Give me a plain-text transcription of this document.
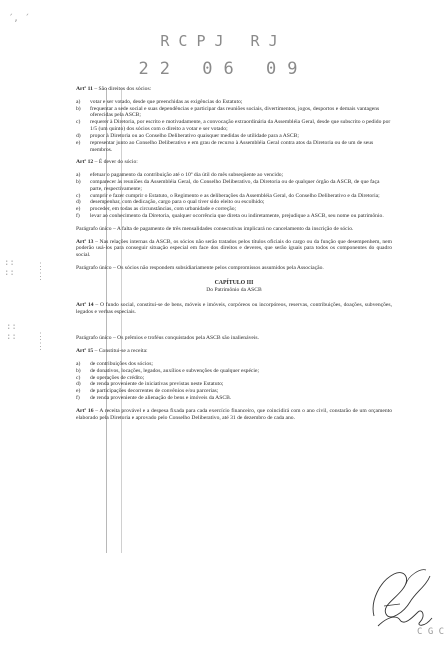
´, ´
RCPJ RJ
22 06 09
::
::
⋮
⋮
::
:: ⋮
⋮

Artº 11 – São direitos dos sócios:

a)	votar e ser votado, desde que preenchidas as exigências do Estatuto;
b)	frequentar a sede social e suas dependências e participar das reuniões sociais, divertimentos, jogos, desportos e demais vantagens oferecidas pela ASCB;
c)	requerer à Diretoria, por escrito e motivadamente, a convocação extraordinária da Assembléia Geral, desde que subscrito o pedido por 1/5 (um quinto) dos sócios com o direito a votar e ser votado;
d)	propor à Diretoria ou ao Conselho Deliberativo quaisquer medidas de utilidade para a ASCB;
e)	representar junto ao Conselho Deliberativo e em grau de recurso à Assembléia Geral contra atos da Diretoria ou de um de seus membros.

Artº 12 – É dever do sócio:

a)	efetuar o pagamento da contribuição até o 10º dia útil do mês subseqüente ao vencido;
b)	comparecer às reuniões da Assembléia Geral, do Conselho Deliberativo, da Diretoria ou de qualquer órgão da ASCB, de que faça parte, respectivamente;
c)	cumprir e fazer cumprir o Estatuto, o Regimento e as deliberações da Assembléia Geral, do Conselho Deliberativo e da Diretoria;
d)	desempenhar, com dedicação, cargo para o qual tiver sido eleito ou escolhido;
e)	proceder, em todas as circunstâncias, com urbanidade e correção;
f)	levar ao conhecimento da Diretoria, qualquer ocorrência que direta ou indiretamente, prejudique a ASCB, seu nome ou patrimônio.

Parágrafo único – A falta de pagamento de três mensalidades consecutivas implicará no cancelamento da inscrição de sócio.

Artº 13 – Nas relações internas da ASCB, os sócios não serão tratados pelos títulos oficiais do cargo ou da função que desempenhem, nem poderão usá-los para conseguir situação especial em face dos direitos e deveres, que serão iguais para todos os componentes do quadro social.

Parágrafo único – Os sócios não respondem subsidiariamente pelos compromissos assumidos pela Associação.

CAPÍTULO III

Do Patrimônio da ASCB

Artº 14 – O fundo social, constituí-se de bens, móveis e imóveis, corpóreos ou incorpóreos, reservas, contribuições, doações, subvenções, legados e verbas especiais.

Parágrafo único – Os prêmios e troféus conquistados pela ASCB são inalienáveis.

Artº 15 – Constitui-se a receita:

a)	de contribuições dos sócios;
b)	de donativos, locações, legados, auxílios e subvenções de qualquer espécie;
c)	de operações de crédito;
d)	de renda proveniente de iniciativas previstas neste Estatuto;
e)	de participações decorrentes de convênios e/ou parcerias;
f)	de renda proveniente de alienação de bens e imóveis da ASCB.

Artº 16 – A receita provável e a despesa fixada para cada exercício financeiro, que coincidirá com o ano civil, constarão de um orçamento elaborado pela Diretoria e aprovado pelo Conselho Deliberativo, até 31 de dezembro de cada ano.

C G C
